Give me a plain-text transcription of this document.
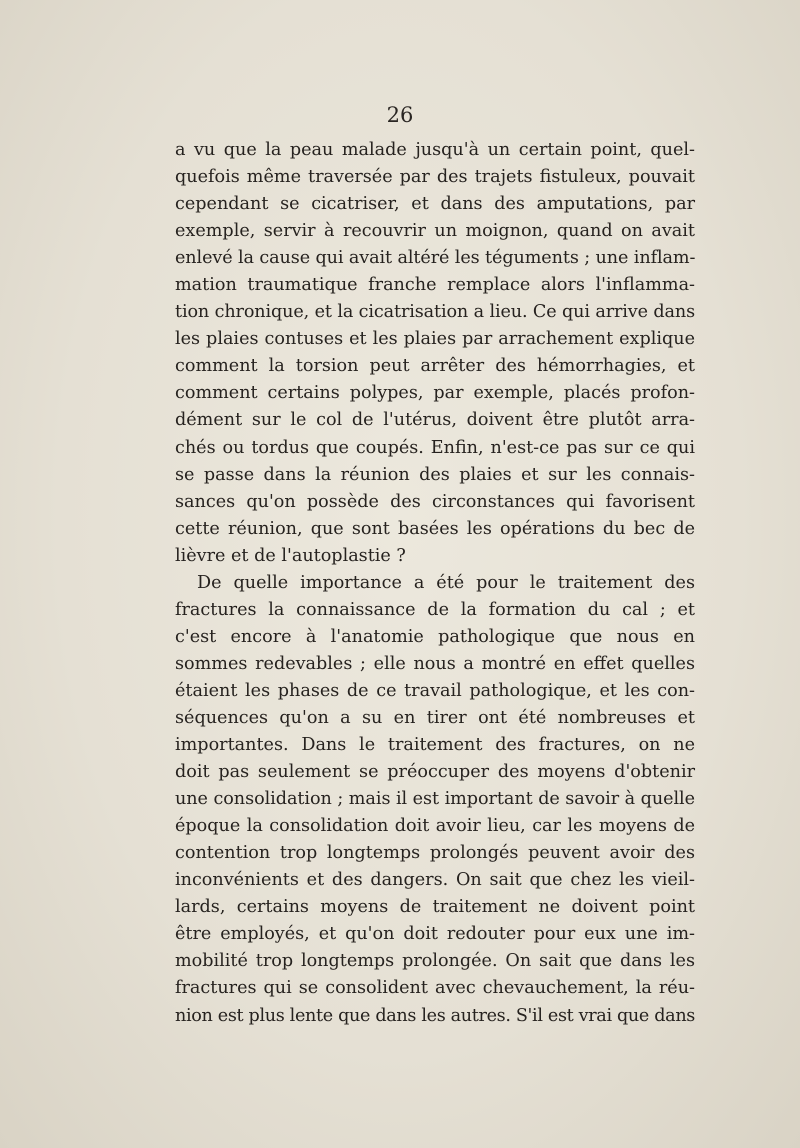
26
a vu que la peau malade jusqu'à un certain point, quel-
quefois même traversée par des trajets fistuleux, pouvait
cependant se cicatriser, et dans des amputations, par
exemple, servir à recouvrir un moignon, quand on avait
enlevé la cause qui avait altéré les téguments ; une inflam-
mation traumatique franche remplace alors l'inflamma-
tion chronique, et la cicatrisation a lieu. Ce qui arrive dans
les plaies contuses et les plaies par arrachement explique
comment la torsion peut arrêter des hémorrhagies, et
comment certains polypes, par exemple, placés profon-
dément sur le col de l'utérus, doivent être plutôt arra-
chés ou tordus que coupés. Enfin, n'est-ce pas sur ce qui
se passe dans la réunion des plaies et sur les connais-
sances qu'on possède des circonstances qui favorisent
cette réunion, que sont basées les opérations du bec de
lièvre et de l'autoplastie ?
De quelle importance a été pour le traitement des
fractures la connaissance de la formation du cal ; et
c'est encore à l'anatomie pathologique que nous en
sommes redevables ; elle nous a montré en effet quelles
étaient les phases de ce travail pathologique, et les con-
séquences qu'on a su en tirer ont été nombreuses et
importantes. Dans le traitement des fractures, on ne
doit pas seulement se préoccuper des moyens d'obtenir
une consolidation ; mais il est important de savoir à quelle
époque la consolidation doit avoir lieu, car les moyens de
contention trop longtemps prolongés peuvent avoir des
inconvénients et des dangers. On sait que chez les vieil-
lards, certains moyens de traitement ne doivent point
être employés, et qu'on doit redouter pour eux une im-
mobilité trop longtemps prolongée. On sait que dans les
fractures qui se consolident avec chevauchement, la réu-
nion est plus lente que dans les autres. S'il est vrai que dans
